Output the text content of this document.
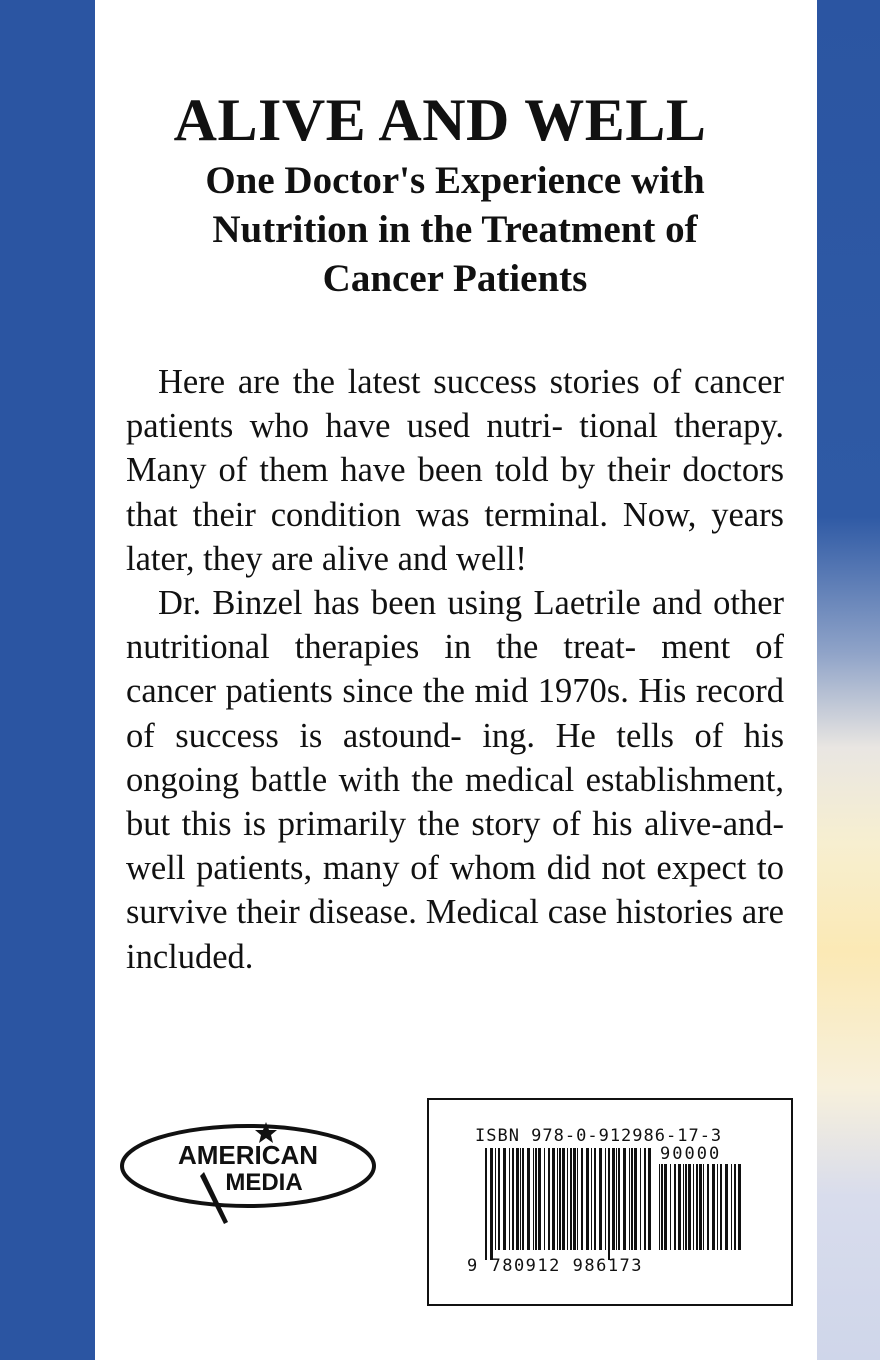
ALIVE AND WELL
One Doctor's Experience with
Nutrition in the Treatment of
Cancer Patients

Here are the latest success stories of cancer patients who have used nutri- tional therapy. Many of them have been told by their doctors that their condition was terminal. Now, years later, they are alive and well!

Dr. Binzel has been using Laetrile and other nutritional therapies in the treat- ment of cancer patients since the mid 1970s. His record of success is astound- ing. He tells of his ongoing battle with the medical establishment, but this is primarily the story of his alive-and-well patients, many of whom did not expect to survive their disease. Medical case histories are included.

AMERICAN
MEDIA
ISBN 978-0-912986-17-3
90000
9 780912 986173
